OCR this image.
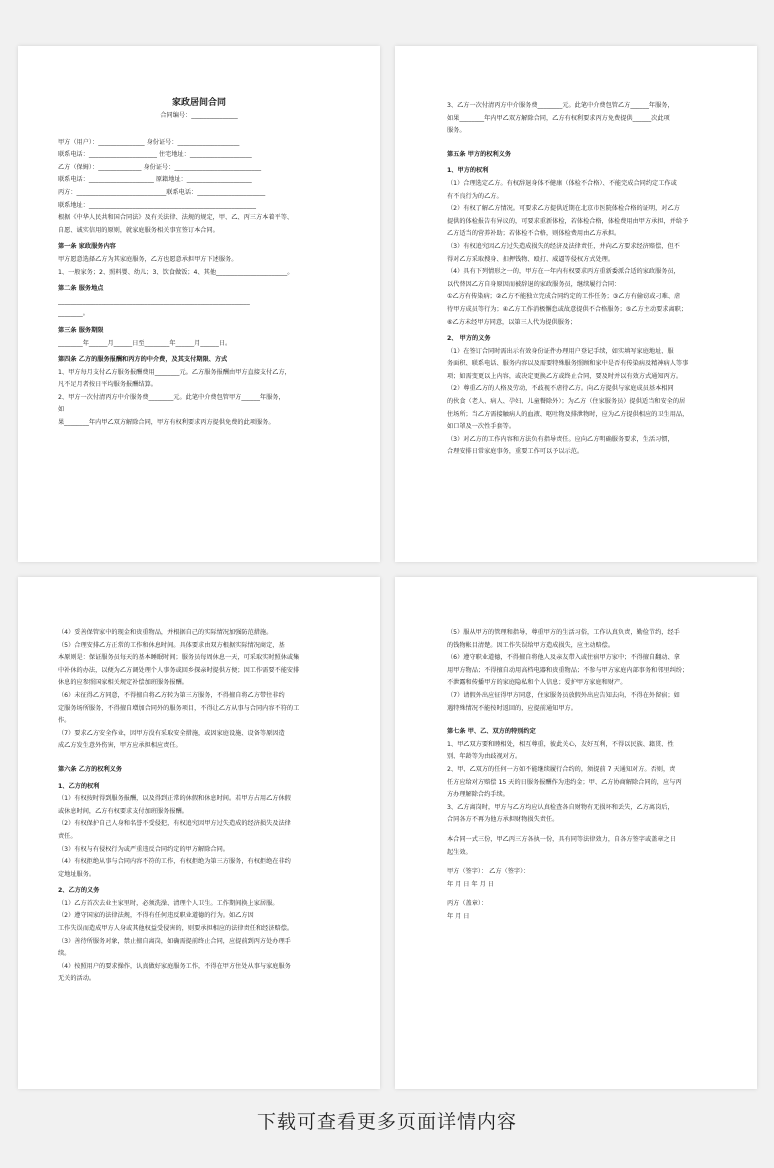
家政居间合同
合同编号：_______________
甲方（用户）：_______________ 身份证号：____________________
联系电话：______________________ 住宅地址：____________________
乙方（保姆）：______________ 身份证号：____________________________
联系电话：_____________________ 原籍地址：_____________________
丙方：_____________________________联系电话：______________________
联系地址：______________________________________________________
根据《中华人民共和国合同法》及有关法律、法规的规定，甲、乙、丙三方本着平等、
自愿、诚实信用的原则，就家庭服务相关事宜签订本合同。
第一条 家政服务内容
甲方愿意选择乙方为其家庭服务，乙方也愿意承担甲方下述服务。
1、一般家务；2、照料婴、幼儿；3、饮食做饭；4、其他_______________________。
第二条 服务地点
______________________________________________________________
________。
第三条 服务期限
________年______月______日至________年______月______日。
第四条 乙方的服务报酬和丙方的中介费，及其支付期限、方式
1、甲方每月支付乙方服务报酬费用________元。乙方服务报酬由甲方直接支付乙方，
凡不足月者按日平均服务报酬结算。
2、甲方一次付清丙方中介服务费________元。此笔中介费包管甲方______年服务，
如
果________年内甲乙双方解除合同，甲方有权利要求丙方提供免费的此项服务。
3、乙方一次付清丙方中介服务费________元。此笔中介费包管乙方______年服务，
如果________年内甲乙双方解除合同，乙方有权利要求丙方免费提供______次此项
服务。
第五条 甲方的权利义务
1、甲方的权利
（1）合理选定乙方。有权辞退身体不健康（体检不合格）、不能完成合同约定工作或
有不良行为的乙方。
（2）有权了解乙方情况。可要求乙方提供近期在北京市医院体检合格的证明，对乙方
提供的体检报告有异议的，可要求重新体检，若体检合格，体检费用由甲方承担，并给予
乙方适当的营养补助；若体检不合格，则体检费用由乙方承担。
（3）有权追究因乙方过失造成损失的经济及法律责任，并向乙方要求经济赔偿，但不
得对乙方采取搜身、扣押钱物、殴打、威逼等侵权方式处理。
（4）具有下列情形之一的，甲方在一年内有权要求丙方重新委派合适的家政服务员，
以代替因乙方自身原因而被辞退的家政服务员，继续履行合同：
①乙方有传染病；②乙方不能独立完成合同约定的工作任务；③乙方有偷窃或刁难、虐
待甲方成员等行为；④乙方工作消极懈怠或故意提供不合格服务；⑤乙方主动要求离职；
⑥乙方未经甲方同意，以第三人代为提供服务；
2、 甲方的义务
（1）在签订合同时需出示有效身份证件办理用户登记手续，如实填写家庭地址、服
务面积、联系电话、服务内容以及需要特殊服务照顾和家中是否有传染病及精神病人等事
项；如需变更以上内容，或决定更换乙方或终止合同，要及时并以有效方式通知丙方。
（2）尊重乙方的人格及劳动，不歧视不虐待乙方。向乙方提供与家庭成员基本相同
的伙食（老人、病人、孕妇、儿童餐除外）；为乙方（住家服务员）提供适当和安全的居
住场所；当乙方需接触病人的血液、呕吐物及排泄物时，应为乙方提供相应的卫生用品，
如口罩及一次性手套等。
（3）对乙方的工作内容和方法负有指导责任。应向乙方明确服务要求，生活习惯，
合理安排日常家庭事务，重要工作可以予以示范。
（4）妥善保管家中的现金和贵重物品，并根据自己的实际情况加强防范措施。
（5）合理安排乙方正常的工作和休息时间。具体要求由双方根据实际情况商定，基
本原则是：保证服务员每天的基本睡眠时间；服务员每周休息一天，可采取实时照休或集
中补休的办法，以便为乙方调处理个人事务或回乡探亲时提供方便；因工作需要不能安排
休息的应参照国家相关规定补偿加班服务报酬。
（6）未征得乙方同意，不得擅自将乙方转为第三方服务，不得擅自将乙方带往非约
定服务场所服务，不得擅自增加合同外的服务项目，不得让乙方从事与合同内容不符的工
作。
（7）要求乙方安全作业，因甲方没有采取安全措施，或因家庭设施、设备等原因造
成乙方发生意外伤害，甲方应承担相应责任。
第六条 乙方的权利义务
1、乙方的权利
（1）有权按时得到服务报酬，以及得到正常的休假和休息时间。若甲方占用乙方休假
或休息时间，乙方有权要求支付加班服务报酬。
（2）有权保护自己人身和名誉不受侵犯，有权追究因甲方过失造成的经济损失及法律
责任。
（3）有权与有侵权行为或严重违反合同约定的甲方解除合同。
（4）有权拒绝从事与合同内容不符的工作，有权拒绝为第三方服务，有权拒绝在非约
定地址服务。
2、乙方的义务
（1）乙方首次去业主家里时，必须洗澡、清理个人卫生。工作期间换上家居服。
（2）遵守国家的法律法规，不得有任何违反职业道德的行为。如乙方因
工作失误而造成甲方人身或其他权益受侵害的，则要承担相应的法律责任和经济赔偿。
（3）善待所服务对象，禁止擅自离岗，如确需提前终止合同，应提前到丙方处办理手
续。
（4）按照用户的要求操作，认真做好家庭服务工作，不得在甲方住处从事与家庭服务
无关的活动。
（5）服从甲方的管理和指导，尊重甲方的生活习俗，工作认真负责，勤俭节约，经手
的钱物帐目清楚。因工作失误给甲方造成损失，应主动赔偿。
（6）遵守职业道德，不得擅自将他人及亲友带入或住宿甲方家中；不得擅自翻动、拿
用甲方物品；不得擅自动用高档电器和贵重物品；不参与甲方家庭内部事务和邻里纠纷；
不泄露和传播甲方的家庭隐私和个人信息；爱护甲方家庭和财产。
（7）请假外出应征得甲方同意，住家服务员放假外出应告知去向，不得在外留宿；如
遇特殊情况不能按时返回的，应提前通知甲方。
第七条 甲、乙、双方的特别约定
1、甲乙双方要和睦相处，相互尊重，彼此关心，友好互利，不得以民族、籍贯、性
别、年龄等为由歧视对方。
2、甲、乙双方的任何一方如不能继续履行合约的，须提前 7 天通知对方。否则，责
任方应给对方赔偿 15 天的日服务报酬作为违约金；甲、乙方协商解除合同的，应与丙
方办理解除合约手续。
3、乙方离岗时，甲方与乙方均应认真检查各自财物有无损坏和丢失，乙方离岗后，
合同各方不再为他方承担财物损失责任。
本合同一式三份，甲乙丙三方各执一份，具有同等法律效力，自各方签字或盖章之日
起生效。
甲方（签字）： 乙方（签字）：
年 月 日 年 月 日
丙方（盖章）：
年 月 日
下载可查看更多页面详情内容
